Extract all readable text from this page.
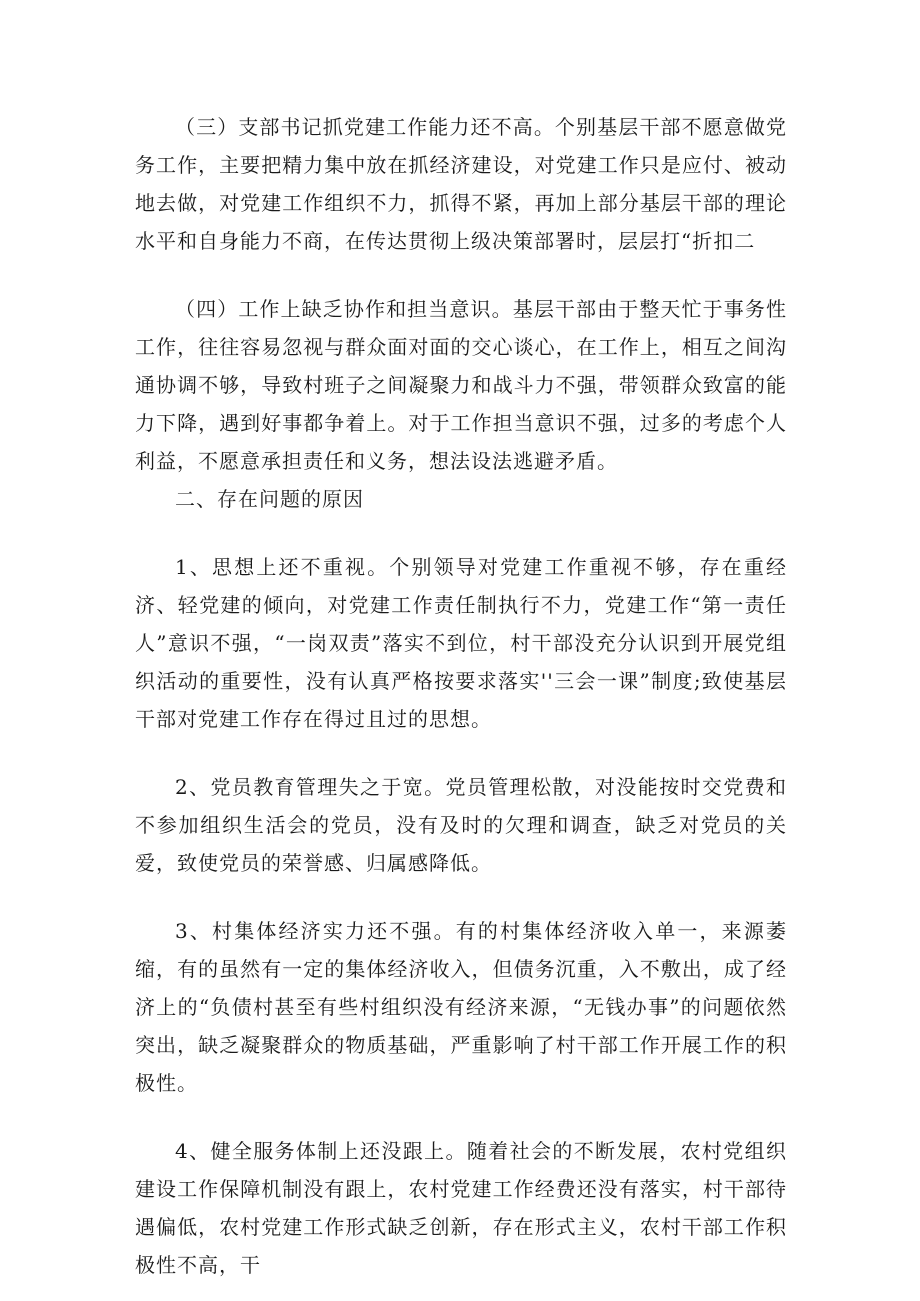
（三）支部书记抓党建工作能力还不高。个别基层干部不愿意做党务工作，主要把精力集中放在抓经济建设，对党建工作只是应付、被动地去做，对党建工作组织不力，抓得不紧，再加上部分基层干部的理论水平和自身能力不商，在传达贯彻上级决策部署时，层层打“折扣二

（四）工作上缺乏协作和担当意识。基层干部由于整天忙于事务性工作，往往容易忽视与群众面对面的交心谈心，在工作上，相互之间沟通协调不够，导致村班子之间凝聚力和战斗力不强，带领群众致富的能力下降，遇到好事都争着上。对于工作担当意识不强，过多的考虑个人利益，不愿意承担责任和义务，想法设法逃避矛盾。

二、存在问题的原因

1、思想上还不重视。个别领导对党建工作重视不够，存在重经济、轻党建的倾向，对党建工作责任制执行不力，党建工作“第一责任人”意识不强，“一岗双责”落实不到位，村干部没充分认识到开展党组织活动的重要性，没有认真严格按要求落实''三会一课”制度;致使基层干部对党建工作存在得过且过的思想。

2、党员教育管理失之于宽。党员管理松散，对没能按时交党费和不参加组织生活会的党员，没有及时的欠理和调查，缺乏对党员的关爱，致使党员的荣誉感、归属感降低。

3、村集体经济实力还不强。有的村集体经济收入单一，来源萎缩，有的虽然有一定的集体经济收入，但债务沉重，入不敷出，成了经济上的“负债村甚至有些村组织没有经济来源，“无钱办事”的问题依然突出，缺乏凝聚群众的物质基础，严重影响了村干部工作开展工作的积极性。

4、健全服务体制上还没跟上。随着社会的不断发展，农村党组织建设工作保障机制没有跟上，农村党建工作经费还没有落实，村干部待遇偏低，农村党建工作形式缺乏创新，存在形式主义，农村干部工作积极性不高，干
